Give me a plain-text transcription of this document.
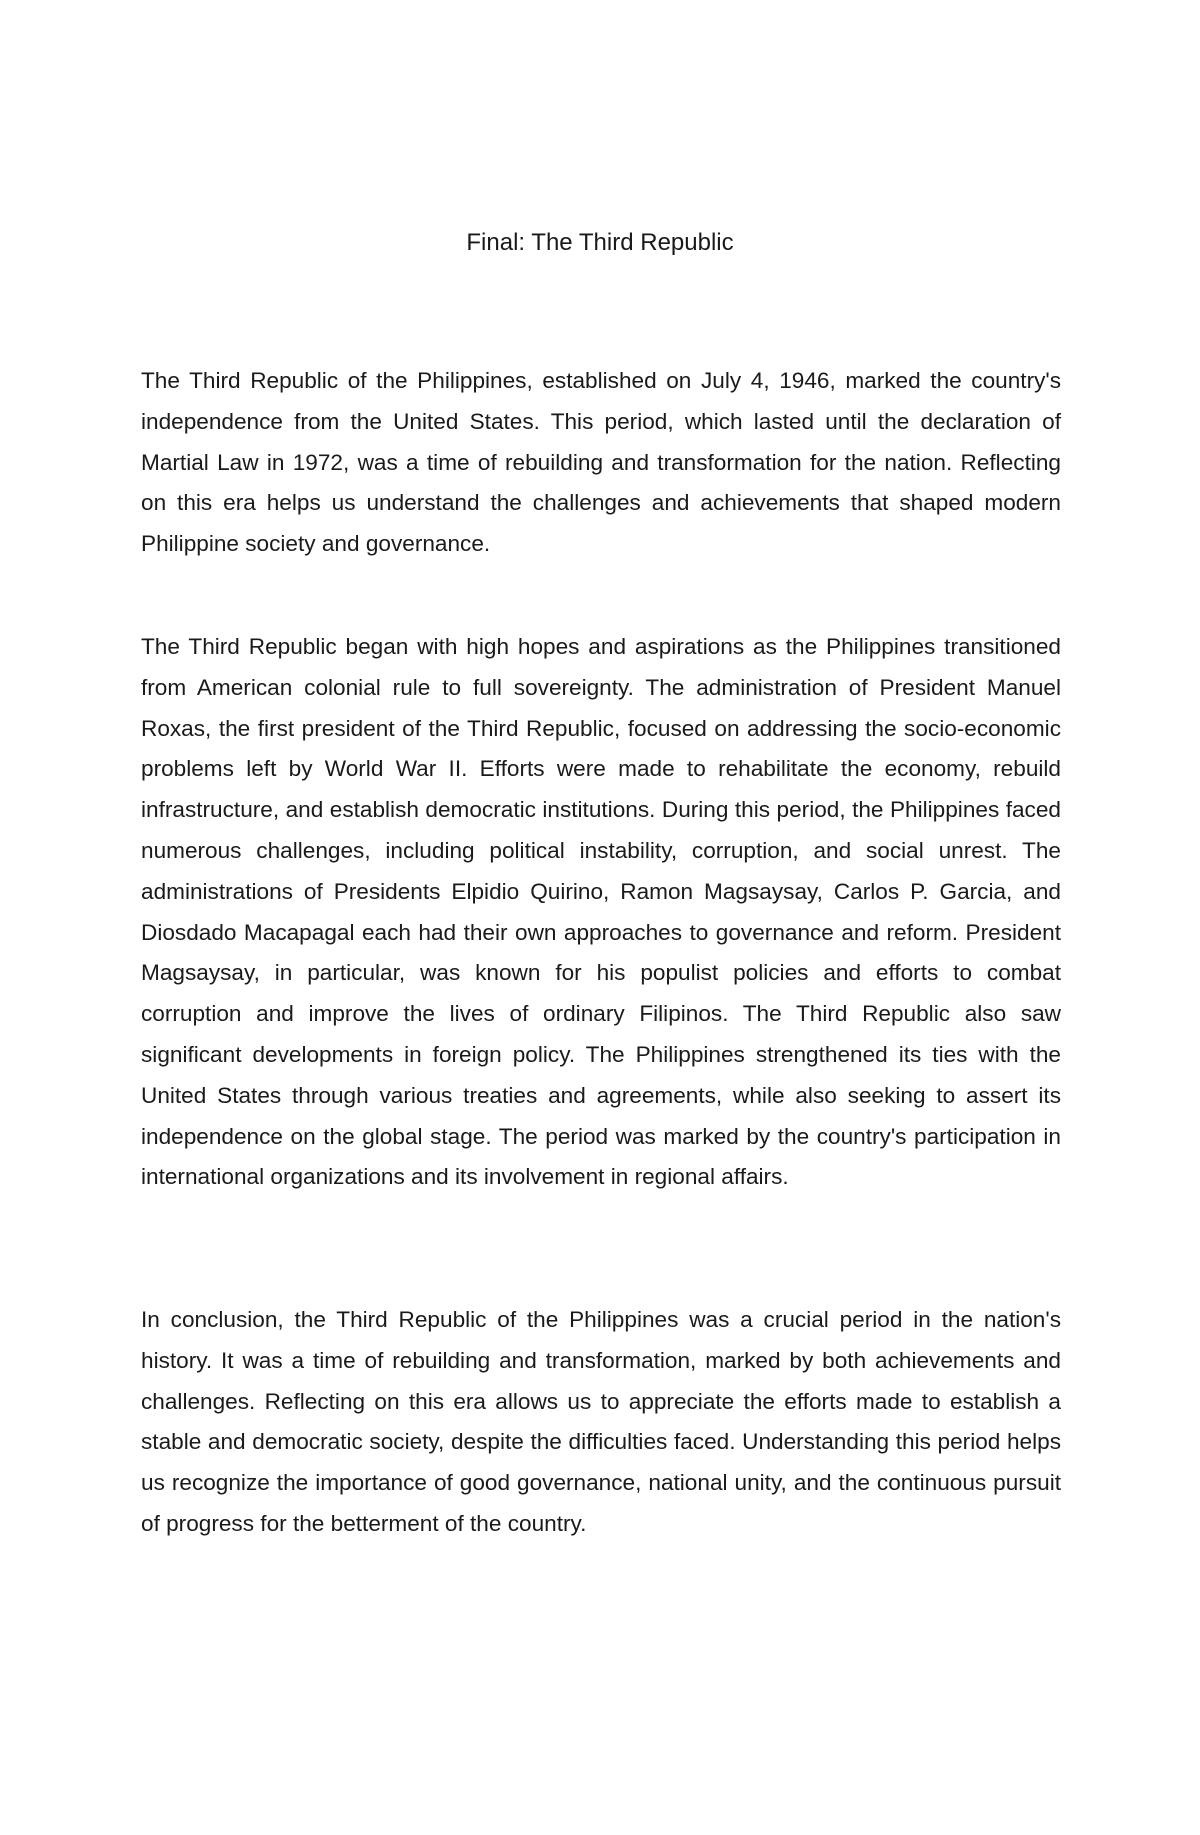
Final: The Third Republic

The Third Republic of the Philippines, established on July 4, 1946, marked the country's independence from the United States. This period, which lasted until the declaration of Martial Law in 1972, was a time of rebuilding and transformation for the nation. Reflecting on this era helps us understand the challenges and achievements that shaped modern Philippine society and governance.

The Third Republic began with high hopes and aspirations as the Philippines transitioned from American colonial rule to full sovereignty. The administration of President Manuel Roxas, the first president of the Third Republic, focused on addressing the socio-economic problems left by World War II. Efforts were made to rehabilitate the economy, rebuild infrastructure, and establish democratic institutions. During this period, the Philippines faced numerous challenges, including political instability, corruption, and social unrest. The administrations of Presidents Elpidio Quirino, Ramon Magsaysay, Carlos P. Garcia, and Diosdado Macapagal each had their own approaches to governance and reform. President Magsaysay, in particular, was known for his populist policies and efforts to combat corruption and improve the lives of ordinary Filipinos. The Third Republic also saw significant developments in foreign policy. The Philippines strengthened its ties with the United States through various treaties and agreements, while also seeking to assert its independence on the global stage. The period was marked by the country's participation in international organizations and its involvement in regional affairs.

In conclusion, the Third Republic of the Philippines was a crucial period in the nation's history. It was a time of rebuilding and transformation, marked by both achievements and challenges. Reflecting on this era allows us to appreciate the efforts made to establish a stable and democratic society, despite the difficulties faced. Understanding this period helps us recognize the importance of good governance, national unity, and the continuous pursuit of progress for the betterment of the country.
